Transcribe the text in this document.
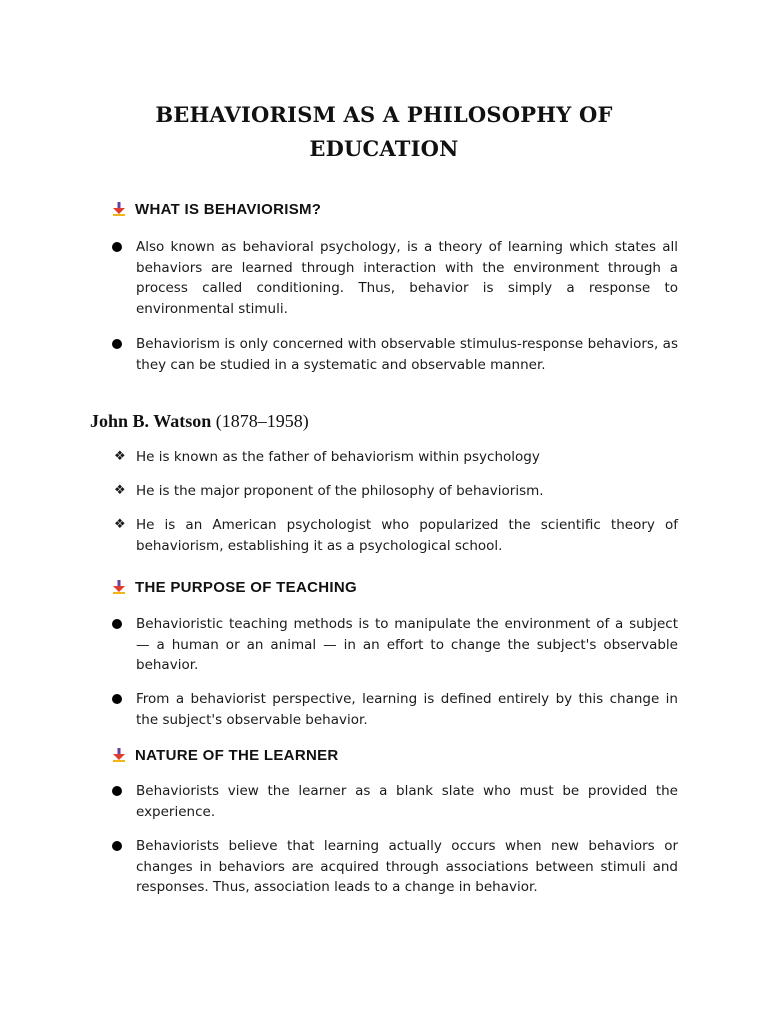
BEHAVIORISM AS A PHILOSOPHY OF
EDUCATION
WHAT IS BEHAVIORISM?
Also known as behavioral psychology, is a theory of learning which states all behaviors are learned through interaction with the environment through a process called conditioning. Thus, behavior is simply a response to environmental stimuli.
Behaviorism is only concerned with observable stimulus-response behaviors, as they can be studied in a systematic and observable manner.
John B. Watson (1878–1958)
❖ He is known as the father of behaviorism within psychology
❖ He is the major proponent of the philosophy of behaviorism.
❖ He is an American psychologist who popularized the scientific theory of behaviorism, establishing it as a psychological school.
THE PURPOSE OF TEACHING
Behavioristic teaching methods is to manipulate the environment of a subject — a human or an animal — in an effort to change the subject's observable behavior.
From a behaviorist perspective, learning is defined entirely by this change in the subject's observable behavior.
NATURE OF THE LEARNER
Behaviorists view the learner as a blank slate who must be provided the experience.
Behaviorists believe that learning actually occurs when new behaviors or changes in behaviors are acquired through associations between stimuli and responses. Thus, association leads to a change in behavior.
